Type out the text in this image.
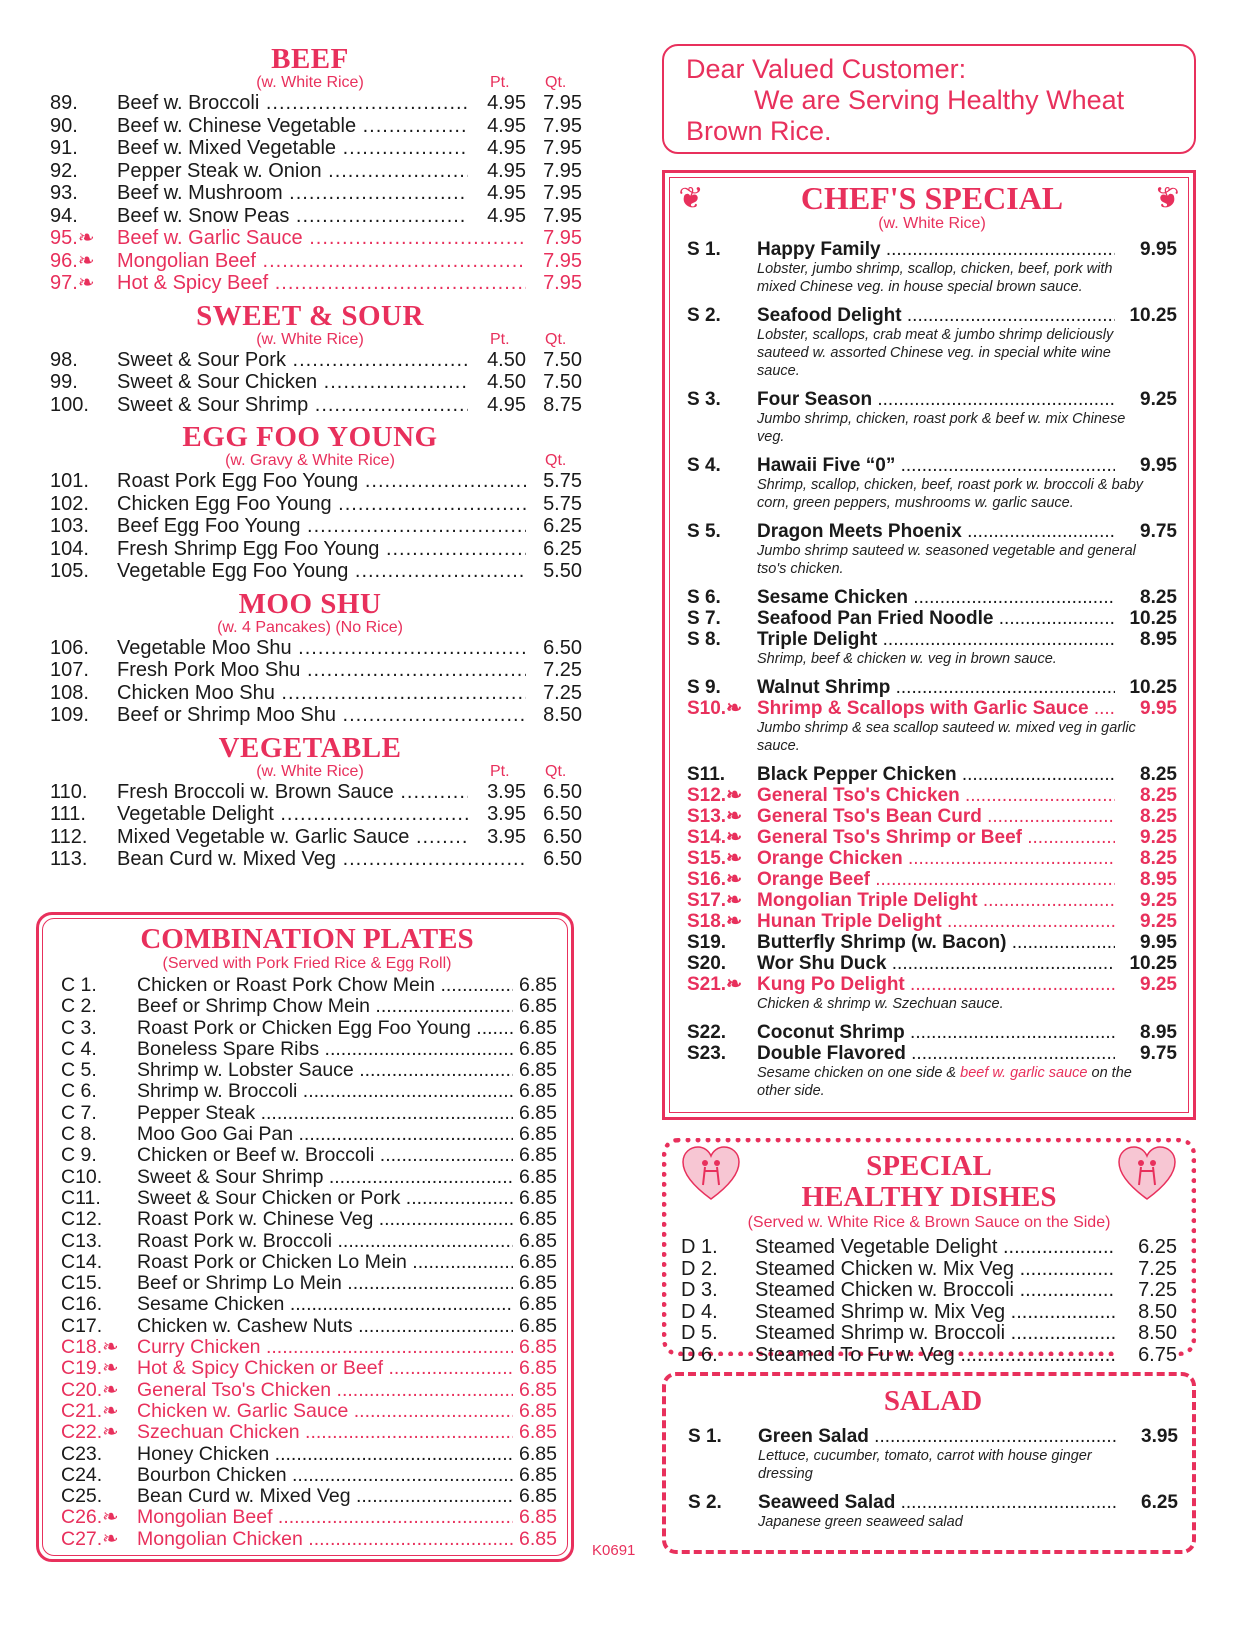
BEEF
(w. White Rice)	Pt. Qt.
89.	Beef w. Broccoli .....	4.95 7.95
90.	Beef w. Chinese Vegetable .....	4.95 7.95
91.	Beef w. Mixed Vegetable .....	4.95 7.95
92.	Pepper Steak w. Onion .....	4.95 7.95
93.	Beef w. Mushroom .....	4.95 7.95
94.	Beef w. Snow Peas .....	4.95 7.95
95.❧	Beef w. Garlic Sauce .....	7.95
96.❧	Mongolian Beef .....	7.95
97.❧	Hot & Spicy Beef .....	7.95
SWEET & SOUR
(w. White Rice)	Pt. Qt.
98.	Sweet & Sour Pork .....	4.50 7.50
99.	Sweet & Sour Chicken .....	4.50 7.50
100.	Sweet & Sour Shrimp .....	4.95 8.75
EGG FOO YOUNG
(w. Gravy & White Rice)	Qt.
101.	Roast Pork Egg Foo Young .....	5.75
102.	Chicken Egg Foo Young .....	5.75
103.	Beef Egg Foo Young .....	6.25
104.	Fresh Shrimp Egg Foo Young .....	6.25
105.	Vegetable Egg Foo Young .....	5.50
MOO SHU
(w. 4 Pancakes) (No Rice)
106.	Vegetable Moo Shu .....	6.50
107.	Fresh Pork Moo Shu .....	7.25
108.	Chicken Moo Shu .....	7.25
109.	Beef or Shrimp Moo Shu .....	8.50
VEGETABLE
(w. White Rice)	Pt. Qt.
110.	Fresh Broccoli w. Brown Sauce .....	3.95 6.50
111.	Vegetable Delight .....	3.95 6.50
112.	Mixed Vegetable w. Garlic Sauce .....	3.95 6.50
113.	Bean Curd w. Mixed Veg .....	6.50
COMBINATION PLATES
(Served with Pork Fried Rice & Egg Roll)
C 1.	Chicken or Roast Pork Chow Mein .....	6.85
C 2.	Beef or Shrimp Chow Mein .....	6.85
C 3.	Roast Pork or Chicken Egg Foo Young .....	6.85
C 4.	Boneless Spare Ribs .....	6.85
C 5.	Shrimp w. Lobster Sauce .....	6.85
C 6.	Shrimp w. Broccoli .....	6.85
C 7.	Pepper Steak .....	6.85
C 8.	Moo Goo Gai Pan .....	6.85
C 9.	Chicken or Beef w. Broccoli .....	6.85
C10.	Sweet & Sour Shrimp .....	6.85
C11.	Sweet & Sour Chicken or Pork .....	6.85
C12.	Roast Pork w. Chinese Veg .....	6.85
C13.	Roast Pork w. Broccoli .....	6.85
C14.	Roast Pork or Chicken Lo Mein .....	6.85
C15.	Beef or Shrimp Lo Mein .....	6.85
C16.	Sesame Chicken .....	6.85
C17.	Chicken w. Cashew Nuts .....	6.85
C18.❧ Curry Chicken .....	6.85
C19.❧ Hot & Spicy Chicken or Beef .....	6.85
C20.❧ General Tso's Chicken .....	6.85
C21.❧ Chicken w. Garlic Sauce .....	6.85
C22.❧ Szechuan Chicken .....	6.85
C23.	Honey Chicken .....	6.85
C24.	Bourbon Chicken .....	6.85
C25.	Bean Curd w. Mixed Veg .....	6.85
C26.❧ Mongolian Beef .....	6.85
C27.❧ Mongolian Chicken .....	6.85
Dear Valued Customer:
We are Serving Healthy Wheat
Brown Rice.
❦	❦
CHEF'S SPECIAL
(w. White Rice)
S 1.	Happy Family .....	9.95
Lobster, jumbo shrimp, scallop, chicken, beef, pork with mixed Chinese veg. in house special brown sauce.
S 2.	Seafood Delight .....	10.25
Lobster, scallops, crab meat & jumbo shrimp deliciously sauteed w. assorted Chinese veg. in special white wine sauce.
S 3.	Four Season .....	9.25
Jumbo shrimp, chicken, roast pork & beef w. mix Chinese veg.
S 4.	Hawaii Five “0” .....	9.95
Shrimp, scallop, chicken, beef, roast pork w. broccoli & baby corn, green peppers, mushrooms w. garlic sauce.
S 5.	Dragon Meets Phoenix .....	9.75
Jumbo shrimp sauteed w. seasoned vegetable and general tso's chicken.
S 6.	Sesame Chicken .....	8.25
S 7.	Seafood Pan Fried Noodle .....	10.25
S 8.	Triple Delight .....	8.95
Shrimp, beef & chicken w. veg in brown sauce.
S 9.	Walnut Shrimp .....	10.25
S10.❧ Shrimp & Scallops with Garlic Sauce .....	9.95
Jumbo shrimp & sea scallop sauteed w. mixed veg in garlic sauce.
S11.	Black Pepper Chicken .....	8.25
S12.❧ General Tso's Chicken .....	8.25
S13.❧ General Tso's Bean Curd .....	8.25
S14.❧ General Tso's Shrimp or Beef .....	9.25
S15.❧ Orange Chicken .....	8.25
S16.❧ Orange Beef .....	8.95
S17.❧ Mongolian Triple Delight .....	9.25
S18.❧ Hunan Triple Delight .....	9.25
S19.	Butterfly Shrimp (w. Bacon) .....	9.95
S20.	Wor Shu Duck .....	10.25
S21.❧ Kung Po Delight .....	9.25
Chicken & shrimp w. Szechuan sauce.
S22.	Coconut Shrimp .....	8.95
S23.	Double Flavored .....	9.75
Sesame chicken on one side & beef w. garlic sauce on the other side.
SPECIAL
HEALTHY DISHES
(Served w. White Rice & Brown Sauce on the Side)
D 1.	Steamed Vegetable Delight .....	6.25
D 2.	Steamed Chicken w. Mix Veg .....	7.25
D 3.	Steamed Chicken w. Broccoli .....	7.25
D 4.	Steamed Shrimp w. Mix Veg .....	8.50
D 5.	Steamed Shrimp w. Broccoli .....	8.50
D 6.	Steamed To Fu w. Veg .....	6.75
SALAD
S 1.	Green Salad .....	3.95
Lettuce, cucumber, tomato, carrot with house ginger dressing
S 2.	Seaweed Salad .....	6.25
Japanese green seaweed salad
K0691
